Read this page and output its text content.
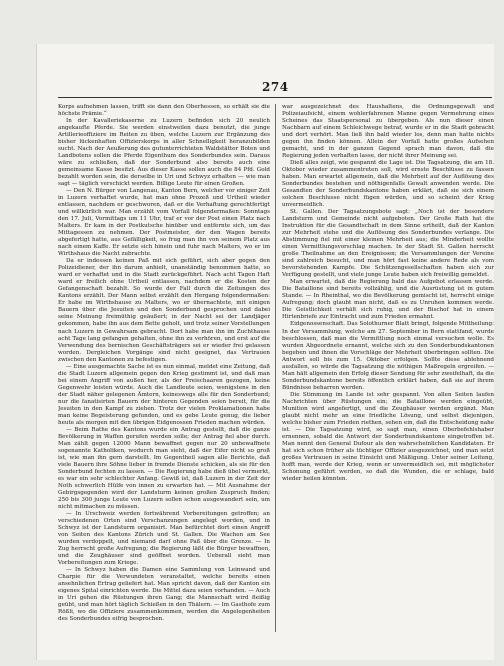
274

Korps aufnehmen lassen, trifft sie dann den Oberhessen, so erhält sie die höchste Prämie.“

In der Kavalleriekaserne zu Luzern befinden sich 20 neulich angekaufte Pferde. Sie werden einstweilen dazu benutzt, die junge Artillerieoffiziere im Reiten zu üben, welche Luzern zur Ergänzung des bisher lückenhaften Offizierskorps in aller Schnelligkeit heranzubilden sucht. Nach der Aeußerung des gutunterrichteten Waldstätter Boten und Landbotens sollen die Pferde Eigenthum des Sonderbundes sein. Daraus wäre zu schließen, daß der Sonderbund also bereits auch eine gemeinsame Kasse besitzt. Aus dieser Kasse sollen auch die 84 Pfd. Gold bezahlt worden sein, die derselbe in Uri und Schwyz erhalten — wie man sagt — täglich verschickt werden. Billige Leute für einen Großen.

— Den N. Bürger von Langenau, Kanton Bern, welcher vor einiger Zeit in Luzern verhaftet wurde, hat man ohne Prozeß und Urtheil wieder entlassen, nachdem er geschworen, daß er die Verhaftung gerechtfertigt und willkürlich war. Man erzählt vom Vorfall folgendermaßen: Sonntags den 17. Juli, Vormittags um 11 Uhr, traf er vor der Post einen Platz nach Malters. Er kam in der Postkutsche hinüber und entfernte sich, um das Mittagessen zu nehmen. Der Postmeister, der den Wagen bereits abgefertigt hatte, aus Gefälligkeit, so frug man ihn von seinem Platz aus nach einem Kaffe. Er setzte sich hinein und fuhr nach Malters, wo er im Wirthshaus die Nacht zubrachte.

Da er indessen keinen Paß mit sich geführt, sich aber gegen den Polizeidiener, der ihn darum anhielt, unanständig benommen hatte, so ward er verhaftet und in die Stadt zurückgeführt. Nach acht Tagen Haft ward er freilich ohne Urtheil entlassen, nachdem er die Kosten der Gefangenschaft bezahlt. So wurde der Fall durch die Zeitungen des Kantons erzählt. Der Mann selbst erzählt den Hergang folgendermaßen: Er habe im Wirthshause zu Malters, wo er übernachtete, mit einigen Bauern über die Jesuiten und den Sonderbund gesprochen und dabei seine Meinung freimüthig geäußert; in der Nacht sei der Landjäger gekommen, habe ihn aus dem Bette geholt, und trotz seiner Vorstellungen nach Luzern in Gewahrsam gebracht. Dort habe man ihn im Zuchthause acht Tage lang gefangen gehalten, ohne ihn zu verhören, und erst auf die Verwendung des bernischen Geschäftsträgers sei er wieder frei gelassen worden. Dergleichen Vorgänge sind nicht geeignet, das Vertrauen zwischen den Kantonen zu befestigen.

— Eine ausgemachte Sache ist es nun einmal, meldet eine Zeitung, daß die Stadt Luzern allgemein gegen den Krieg gestimmt ist, und daß man bei einem Angriff von außen her, als der Freischaaren gezogen, keine Gegenwehr leisten würde. Auch die Landleute seien, wenigstens in den der Stadt näher gelegenen Ämtern, keineswegs alle für den Sonderbund; nur die fanatisirten Bauern der hinteren Gegenden seien bereit, für die Jesuiten in den Kampf zu ziehen. Trotz der vielen Proklamationen habe man keine Begeisterung gefunden, und es gebe Leute genug, die lieber heute als morgen mit den übrigen Eidgenossen Frieden machen würden.

— Beim Rathe des Kantons wurde ein Antrag gestellt, daß die ganze Bevölkerung in Waffen gerufen werden solle; der Antrag fiel aber durch. Man zählt gegen 12000 Mann bewaffnet gegen nur 20 unbewaffnete sogenannte Katholiken, wodurch man sieht, daß der Eifer nicht so groß ist, wie man ihn gern darstellt. Im Gegentheil sagen alle Berichte, daß viele Bauern ihre Söhne lieber in fremde Dienste schicken, als sie für den Sonderbund fechten zu lassen. — Die Regierung habe dieß übel vermerkt, es war ein sehr schlechter Anfang. Gewiß ist, daß Luzern in der Zeit der Noth schwerlich Hülfe von innen zu erwarten hat. — Mit Ausnahme der Gebirgsgegenden wird der Landsturm keinen großen Zuspruch finden; 250 bis 300 junge Leute von Luzern sollen schon ausgewandert sein, um nicht mitmachen zu müssen.

— In Urschweiz werden fortwährend Vorbereitungen getroffen; an verschiedenen Orten sind Verschanzungen angelegt worden, und in Schwyz ist der Landsturm organisirt. Man befürchtet dort einen Angriff von Seiten des Kantons Zürich und St. Gallen. Die Wachen am See wurden verdoppelt, und niemand darf ohne Paß über die Grenze. — In Zug herrscht große Aufregung; die Regierung läßt die Bürger bewaffnen, und die Zeughäuser sind geöffnet worden. Ueberall sieht man Vorbereitungen zum Kriege.

— In Schwyz haben die Damen eine Sammlung von Leinwand und Charpie für die Verwundeten veranstaltet, welche bereits einen ansehnlichen Ertrag geliefert hat. Man spricht davon, daß der Kanton ein eigenes Spital einrichten werde. Die Mittel dazu seien vorhanden. — Auch in Uri gehen die Rüstungen ihren Gang; die Mannschaft wird fleißig geübt, und man hört täglich Schießen in den Thälern. — Im Gasthofe zum Rößli, wo die Offiziere zusammenkommen, werden die Angelegenheiten des Sonderbundes eifrig besprochen.

war ausgezeichnet des Haushaltens, die Ordnungsgewalt und Polizeiaufsicht, einem wohlerfahrenen Manne gegen Vermehrung eines Scheines das Staatspersonal zu übergeben. Als nun dieser einen Nachbarn auf einem Schleichwege betraf, wurde er in die Stadt gebracht und dort verhört. Man ließ ihn bald wieder los, denn man hatte nichts gegen ihn finden können. Allein der Vorfall hatte großes Aufsehen gemacht, und in der ganzen Gegend sprach man davon, daß die Regierung jeden verhaften lasse, der nicht ihrer Meinung sei.

Dieß alles zeigt, wie gespannt die Lage ist. Die Tagsatzung, die am 18. Oktober wieder zusammentreten soll, wird ernste Beschlüsse zu fassen haben. Man erwartet allgemein, daß die Mehrheit auf der Auflösung des Sonderbundes bestehen und nöthigenfalls Gewalt anwenden werde. Die Gesandten der Sonderbundskantone haben erklärt, daß sie sich einem solchen Beschlusse nicht fügen würden, und so scheint der Krieg unvermeidlich.

St. Gallen. Der Tagsatzungsbote sagt: „Noch ist der besondere Landsturm und Gemeinde nicht aufgeboten. Der Große Rath hat die Instruktion für die Gesandtschaft in dem Sinne ertheilt, daß der Kanton zur Mehrheit stehe und die Auflösung des Sonderbundes verlange. Die Abstimmung fiel mit einer kleinen Mehrheit aus; die Minderheit wollte einen Vermittlungsvorschlag machen. In der Stadt St. Gallen herrscht große Theilnahme an den Ereignissen; die Versammlungen der Vereine sind zahlreich besucht, und man hört fast keine andere Rede als vom bevorstehenden Kampfe. Die Schützengesellschaften haben sich zur Verfügung gestellt, und viele junge Leute haben sich freiwillig gemeldet.

Man erwartet, daß die Regierung bald das Aufgebot erlassen werde. Die Bataillone sind bereits vollzählig, und die Ausrüstung ist in gutem Stande. — In Rheinthal, wo die Bevölkerung gemischt ist, herrscht einige Aufregung; doch glaubt man nicht, daß es zu Unruhen kommen werde. Die Geistlichkeit verhält sich ruhig, und der Bischof hat in einem Hirtenbriefe zur Eintracht und zum Frieden ermahnt.

Eidgenossenschaft. Das Solothurner Blatt bringt, folgende Mittheilung: In der Versammlung, welche am 27. September in Bern stattfand, wurde beschlossen, daß man die Vermittlung noch einmal versuchen wolle. Es wurden Abgeordnete ernannt, welche sich zu den Sonderbundskantonen begeben und ihnen die Vorschläge der Mehrheit überbringen sollten. Die Antwort soll bis zum 15. Oktober erfolgen. Sollte diese ablehnend ausfallen, so würde die Tagsatzung die nöthigen Maßregeln ergreifen. — Man hält allgemein den Erfolg dieser Sendung für sehr zweifelhaft, da die Sonderbundskantone bereits öffentlich erklärt haben, daß sie auf ihrem Bündnisse beharren werden.

Die Stimmung im Lande ist sehr gespannt. Von allen Seiten laufen Nachrichten über Rüstungen ein; die Bataillone werden eingeübt, Munition wird angefertigt, und die Zeughäuser werden ergänzt. Man glaubt nicht mehr an eine friedliche Lösung, und selbst diejenigen, welche bisher zum Frieden riethen, sehen ein, daß die Entscheidung nahe ist. — Die Tagsatzung wird, so sagt man, einen Oberbefehlshaber ernennen, sobald die Antwort der Sonderbundskantone eingetroffen ist. Man nennt den General Dufour als den wahrscheinlichen Kandidaten. Er hat sich schon früher als tüchtiger Offizier ausgezeichnet, und man setzt großes Vertrauen in seine Einsicht und Mäßigung. Unter seiner Leitung, hofft man, werde der Krieg, wenn er unvermeidlich sei, mit möglichster Schonung geführt werden, so daß die Wunden, die er schlage, bald wieder heilen könnten.
